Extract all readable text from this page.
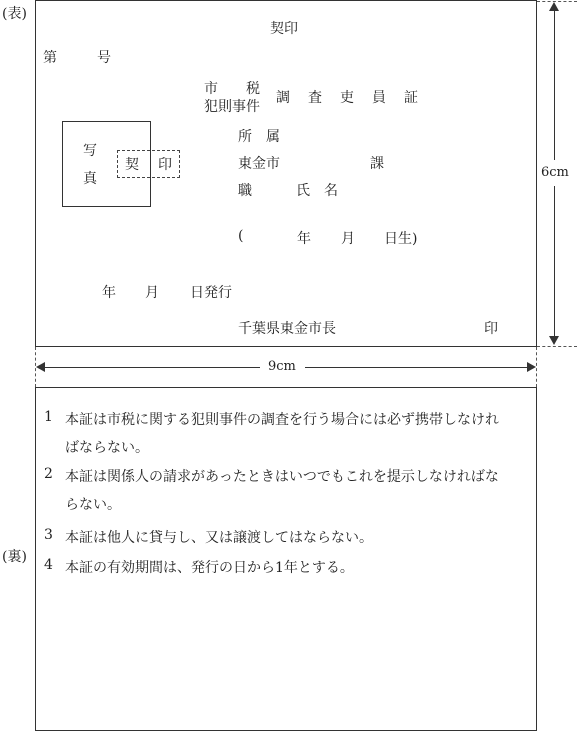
(表)
(裏)
契印
第　　号
市　　税
犯則事件
調　査　吏　員　証
写
真
契 印
所　属
東金市	課
職	氏　名
(	年 月 日生)
年 月 日発行
千葉県東金市長	印
6cm
9cm
1 本証は市税に関する犯則事件の調査を行う場合には必ず携帯しなけれ
ばならない。
2 本証は関係人の請求があったときはいつでもこれを提示しなければな
らない。
3 本証は他人に貸与し、又は譲渡してはならない。
4 本証の有効期間は、発行の日から1年とする。
